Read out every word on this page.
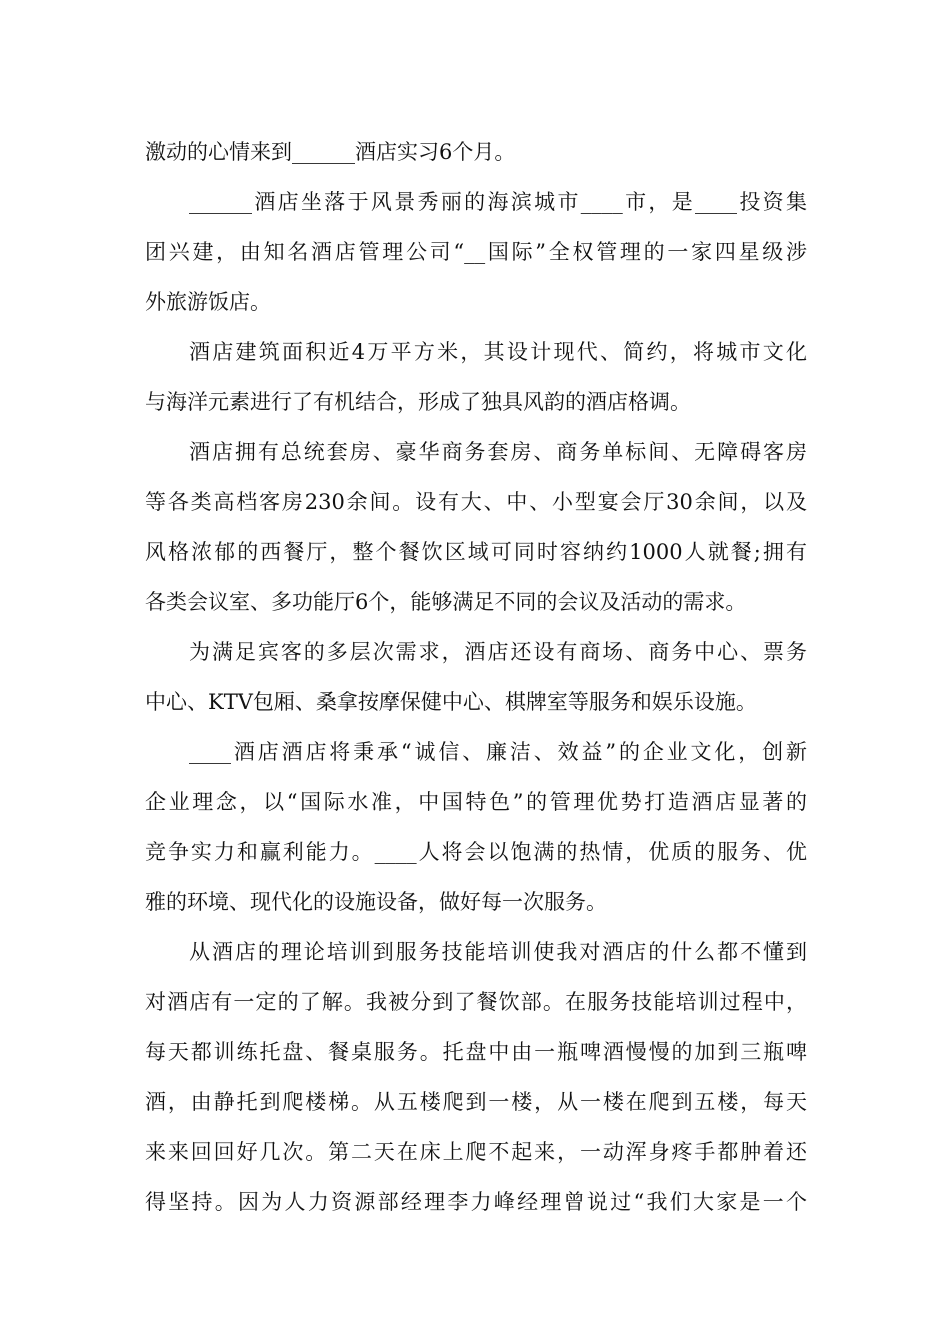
激动的心情来到______酒店实习6个月。
______酒店坐落于风景秀丽的海滨城市____市，是____投资集
团兴建，由知名酒店管理公司“__国际”全权管理的一家四星级涉
外旅游饭店。
酒店建筑面积近4万平方米，其设计现代、简约，将城市文化
与海洋元素进行了有机结合，形成了独具风韵的酒店格调。
酒店拥有总统套房、豪华商务套房、商务单标间、无障碍客房
等各类高档客房230余间。设有大、中、小型宴会厅30余间，以及
风格浓郁的西餐厅，整个餐饮区域可同时容纳约1000人就餐;拥有
各类会议室、多功能厅6个，能够满足不同的会议及活动的需求。
为满足宾客的多层次需求，酒店还设有商场、商务中心、票务
中心、KTV包厢、桑拿按摩保健中心、棋牌室等服务和娱乐设施。
____酒店酒店将秉承“诚信、廉洁、效益”的企业文化，创新
企业理念，以“国际水准，中国特色”的管理优势打造酒店显著的
竞争实力和赢利能力。____人将会以饱满的热情，优质的服务、优
雅的环境、现代化的设施设备，做好每一次服务。
从酒店的理论培训到服务技能培训使我对酒店的什么都不懂到
对酒店有一定的了解。我被分到了餐饮部。在服务技能培训过程中，
每天都训练托盘、餐桌服务。托盘中由一瓶啤酒慢慢的加到三瓶啤
酒，由静托到爬楼梯。从五楼爬到一楼，从一楼在爬到五楼，每天
来来回回好几次。第二天在床上爬不起来，一动浑身疼手都肿着还
得坚持。因为人力资源部经理李力峰经理曾说过“我们大家是一个
